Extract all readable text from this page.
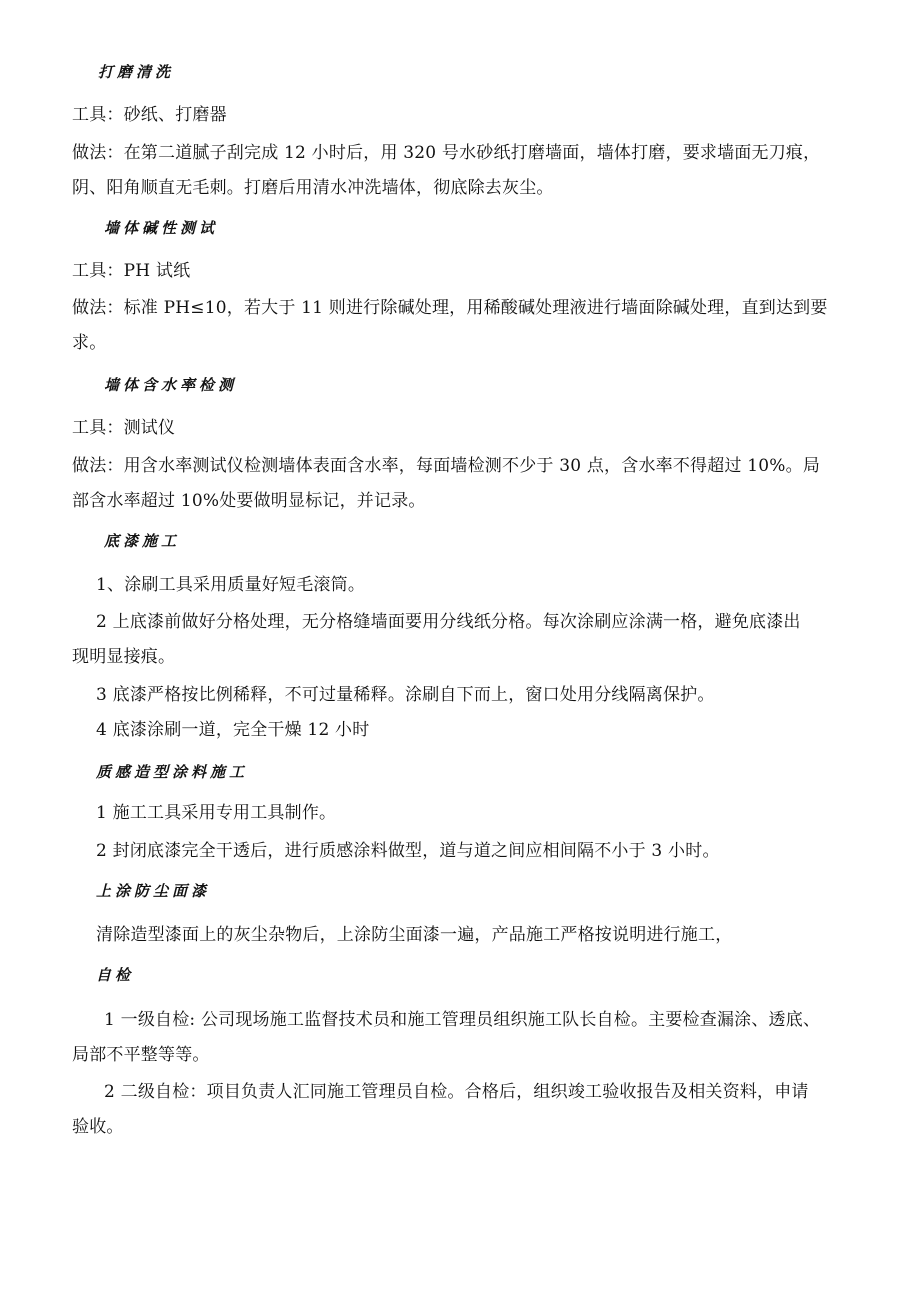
打磨清洗
工具：砂纸、打磨器
做法：在第二道腻子刮完成 12 小时后，用 320 号水砂纸打磨墙面，墙体打磨，要求墙面无刀痕，
阴、阳角顺直无毛刺。打磨后用清水冲洗墙体，彻底除去灰尘。
墙体碱性测试
工具：PH 试纸
做法：标准 PH≤10，若大于 11 则进行除碱处理，用稀酸碱处理液进行墙面除碱处理，直到达到要
求。
墙体含水率检测
工具：测试仪
做法：用含水率测试仪检测墙体表面含水率，每面墙检测不少于 30 点，含水率不得超过 10%。局
部含水率超过 10%处要做明显标记，并记录。
底漆施工
1、涂刷工具采用质量好短毛滚筒。
2 上底漆前做好分格处理，无分格缝墙面要用分线纸分格。每次涂刷应涂满一格，避免底漆出
现明显接痕。
3 底漆严格按比例稀释，不可过量稀释。涂刷自下而上，窗口处用分线隔离保护。
4 底漆涂刷一道，完全干燥 12 小时
质感造型涂料施工
1 施工工具采用专用工具制作。
2 封闭底漆完全干透后，进行质感涂料做型，道与道之间应相间隔不小于 3 小时。
上涂防尘面漆
清除造型漆面上的灰尘杂物后，上涂防尘面漆一遍，产品施工严格按说明进行施工，
自检
1 一级自检: 公司现场施工监督技术员和施工管理员组织施工队长自检。主要检查漏涂、透底、
局部不平整等等。
2 二级自检：项目负责人汇同施工管理员自检。合格后，组织竣工验收报告及相关资料，申请
验收。
